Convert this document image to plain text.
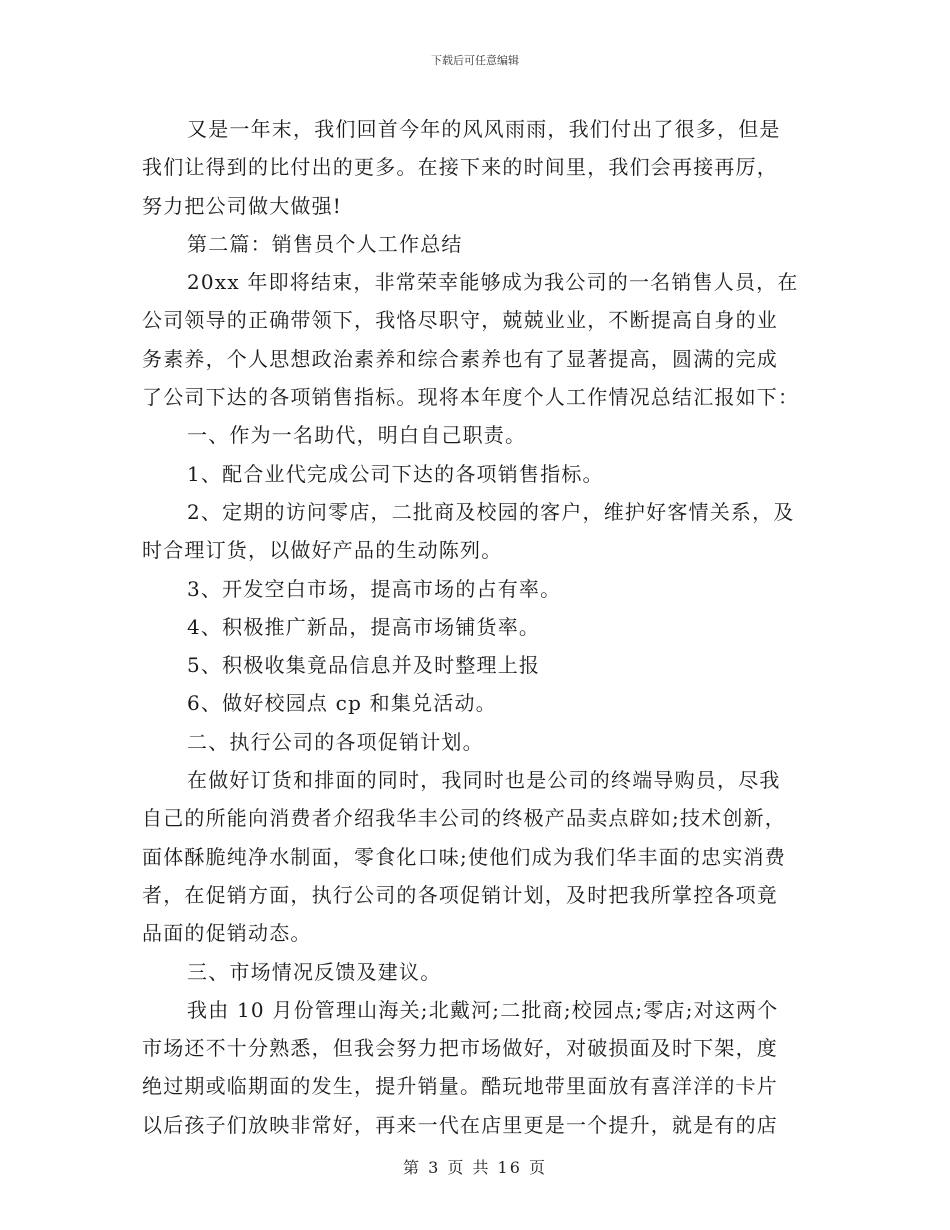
下载后可任意编辑
又是一年末，我们回首今年的风风雨雨，我们付出了很多，但是
我们让得到的比付出的更多。在接下来的时间里，我们会再接再厉，
努力把公司做大做强!
第二篇：销售员个人工作总结
20xx 年即将结束，非常荣幸能够成为我公司的一名销售人员，在
公司领导的正确带领下，我恪尽职守，兢兢业业，不断提高自身的业
务素养，个人思想政治素养和综合素养也有了显著提高，圆满的完成
了公司下达的各项销售指标。现将本年度个人工作情况总结汇报如下：
一、作为一名助代，明白自己职责。
1、配合业代完成公司下达的各项销售指标。
2、定期的访问零店，二批商及校园的客户，维护好客情关系，及
时合理订货，以做好产品的生动陈列。
3、开发空白市场，提高市场的占有率。
4、积极推广新品，提高市场铺货率。
5、积极收集竟品信息并及时整理上报
6、做好校园点 cp 和集兑活动。
二、执行公司的各项促销计划。
在做好订货和排面的同时，我同时也是公司的终端导购员，尽我
自己的所能向消费者介绍我华丰公司的终极产品卖点辟如;技术创新，
面体酥脆纯净水制面，零食化口味;使他们成为我们华丰面的忠实消费
者，在促销方面，执行公司的各项促销计划，及时把我所掌控各项竟
品面的促销动态。
三、市场情况反馈及建议。
我由 10 月份管理山海关;北戴河;二批商;校园点;零店;对这两个
市场还不十分熟悉，但我会努力把市场做好，对破损面及时下架，度
绝过期或临期面的发生，提升销量。酷玩地带里面放有喜洋洋的卡片
以后孩子们放映非常好，再来一代在店里更是一个提升，就是有的店
第 3 页 共 16 页
